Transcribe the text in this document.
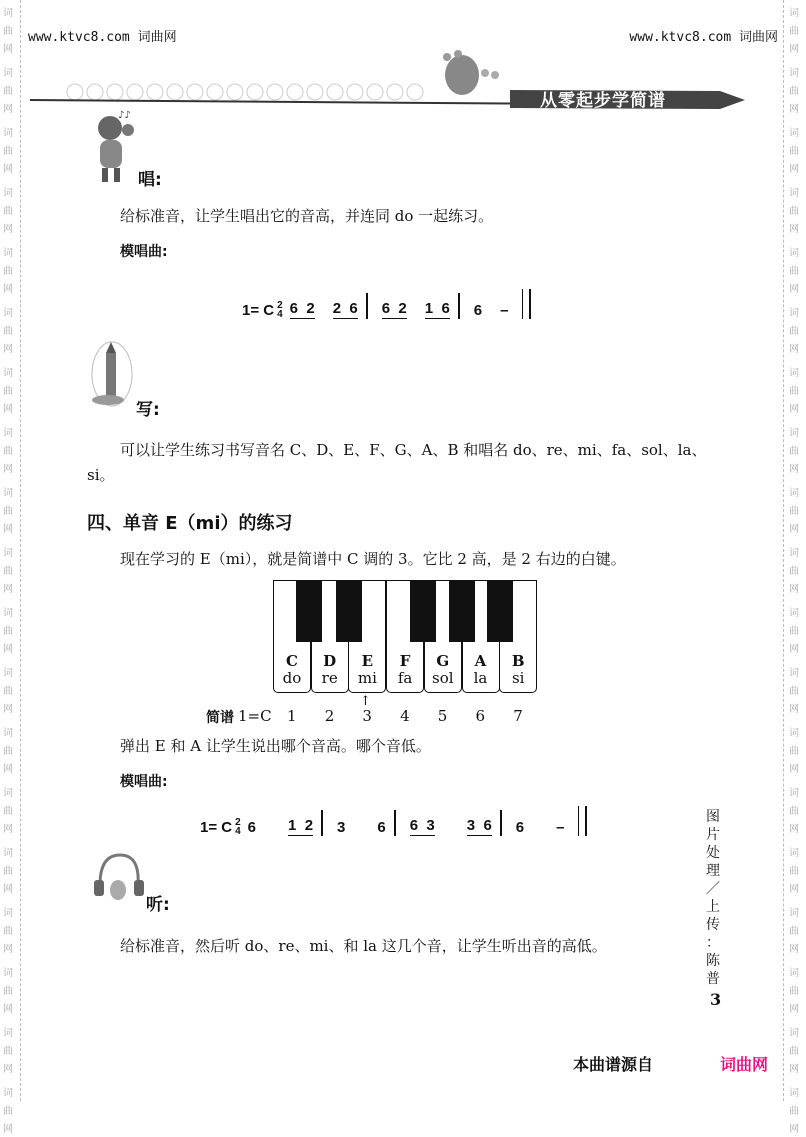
词
曲
网
词
曲
网
词
曲
网
词
曲
网
词
曲
网
词
曲
网
词
曲
网
词
曲
网
词
曲
网
词
曲
网
词
曲
网
词
曲
网
词
曲
网
词
曲
网
词
曲
网
词
曲
网
词
曲
网
词
曲
网
词
曲
网
词
曲
网
词
曲
网
词
曲
网
词
曲
网
词
曲
网
词
曲
网
词
曲
网
词
曲
网
词
曲
网
词
曲
网
词
曲
网
词
曲
网
词
曲
网
词
曲
网
词
曲
网
词
曲
网
词
曲
网
词
曲
网
词
曲
网
www.ktvc8.com 词曲网	www.ktvc8.com 词曲网
从零起步学简谱
♪♪
唱:
给标准音，让学生唱出它的音高，并连同 do 一起练习。
模唱曲:
1= C 2
4 6  2 2  6 6  2 1  6 6 –
写:
可以让学生练习书写音名 C、D、E、F、G、A、B 和唱名 do、re、mi、fa、sol、la、
si。
四、单音 E（mi）的练习
现在学习的 E（mi），就是简谱中 C 调的 3。它比 2 高，是 2 右边的白键。
C
do
D
re
E
mi
F
fa
G
sol
A
la
B
si
↑
简谱 1=C 1 2 3 4 5 6 7
弹出 E 和 A 让学生说出哪个音高。哪个音低。
模唱曲:
1= C 2
4 6 1  2 3 6 6  3 3  6 6 –
听:
给标准音，然后听 do、re、mi、和 la 这几个音，让学生听出音的高低。
图
片
处
理
／
上
传
：
陈
普
3
本曲谱源自	词曲网
